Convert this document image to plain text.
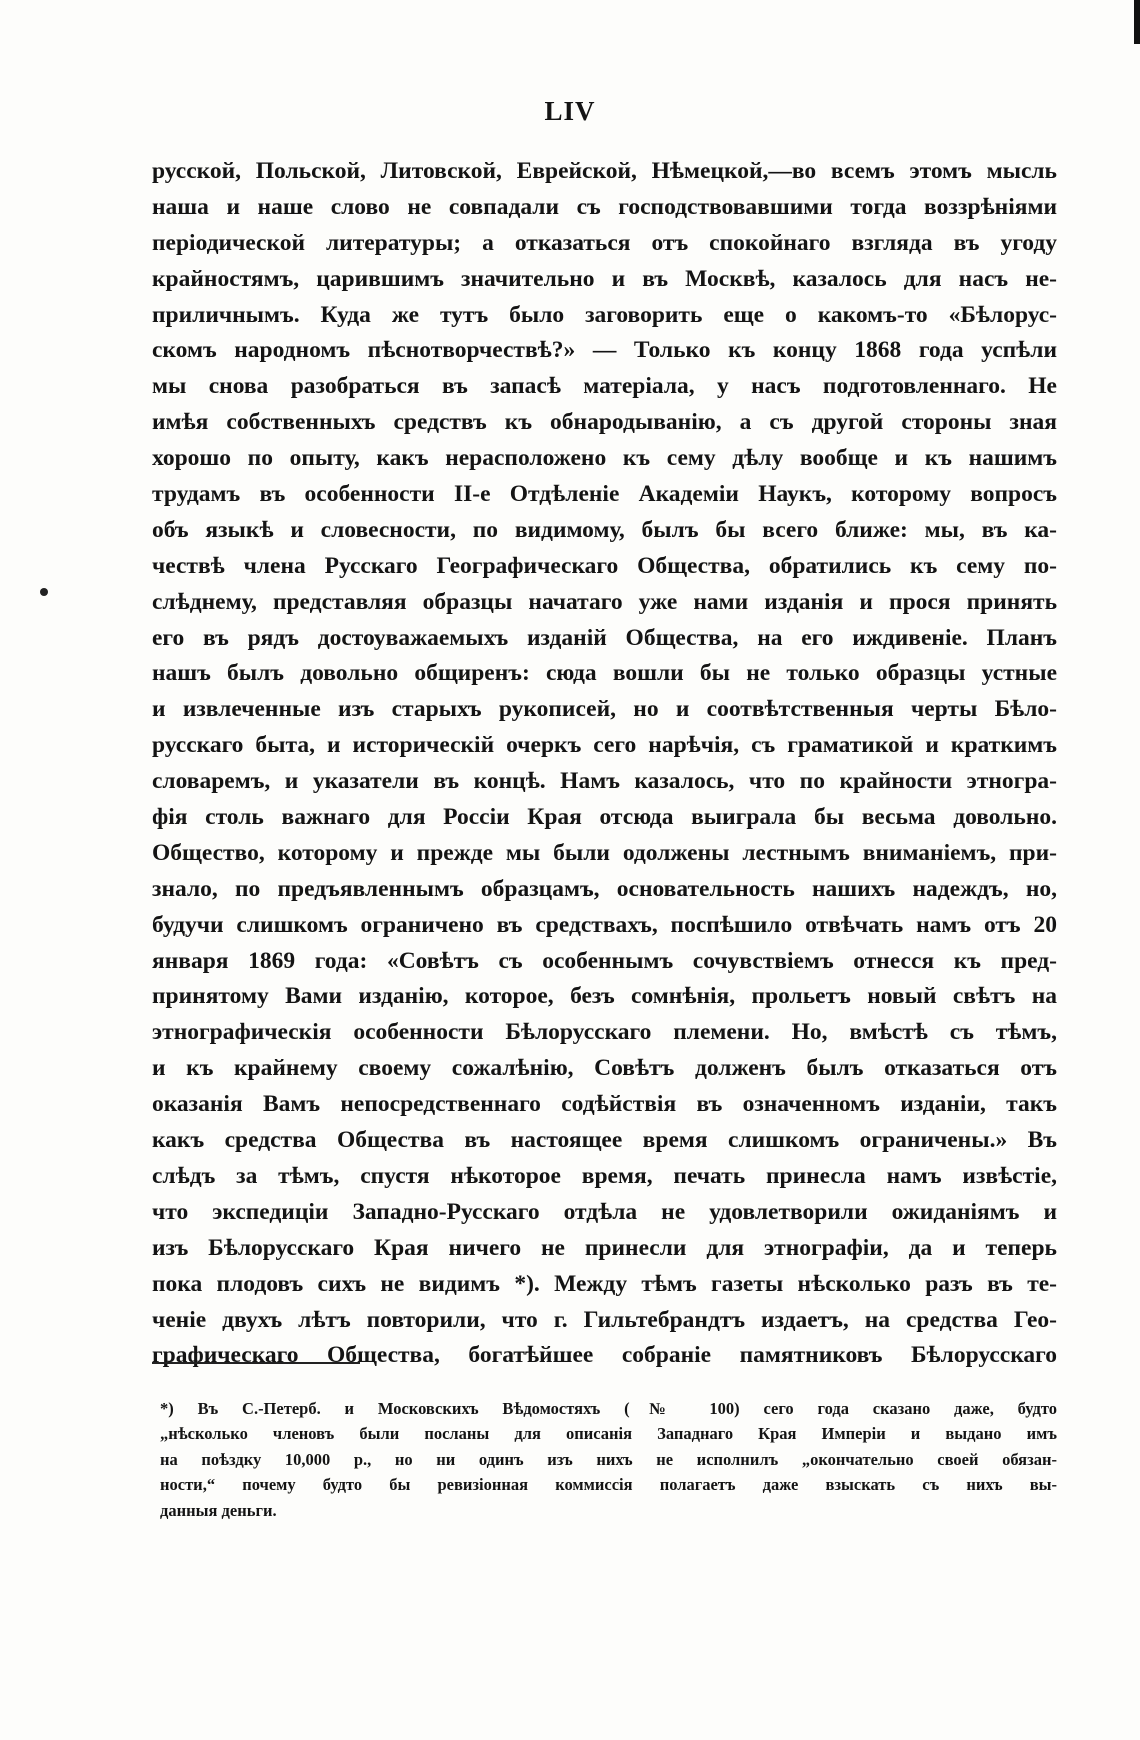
LIV
русской, Польской, Литовской, Еврейской, Нѣмецкой,—во всемъ этомъ мысль
наша и наше слово не совпадали съ господствовавшими тогда воззрѣніями
періодической литературы; а отказаться отъ спокойнаго взгляда въ угоду
крайностямъ, царившимъ значительно и въ Москвѣ, казалось для насъ не-
приличнымъ. Куда же тутъ было заговорить еще о какомъ-то «Бѣлорус-
скомъ народномъ пѣснотворчествѣ?» — Только къ концу 1868 года успѣли
мы снова разобраться въ запасѣ матеріала, у насъ подготовленнаго. Не
имѣя собственныхъ средствъ къ обнародыванію, а съ другой стороны зная
хорошо по опыту, какъ нерасположено къ сему дѣлу вообще и къ нашимъ
трудамъ въ особенности II-е Отдѣленіе Академіи Наукъ, которому вопросъ
объ языкѣ и словесности, по видимому, былъ бы всего ближе: мы, въ ка-
чествѣ члена Русскаго Географическаго Общества, обратились къ сему по-
слѣднему, представляя образцы начатаго уже нами изданія и прося принять
его въ рядъ достоуважаемыхъ изданій Общества, на его иждивеніе. Планъ
нашъ былъ довольно общиренъ: сюда вошли бы не только образцы устные
и извлеченные изъ старыхъ рукописей, но и соотвѣтственныя черты Бѣло-
русскаго быта, и историческій очеркъ сего нарѣчія, съ граматикой и краткимъ
словаремъ, и указатели въ концѣ. Намъ казалось, что по крайности этногра-
фія столь важнаго для Россіи Края отсюда выиграла бы весьма довольно.
Общество, которому и прежде мы были одолжены лестнымъ вниманіемъ, при-
знало, по предъявленнымъ образцамъ, основательность нашихъ надеждъ, но,
будучи слишкомъ ограничено въ средствахъ, поспѣшило отвѣчать намъ отъ 20
января 1869 года: «Совѣтъ съ особеннымъ сочувствіемъ отнесся къ пред-
принятому Вами изданію, которое, безъ сомнѣнія, прольетъ новый свѣтъ на
этнографическія особенности Бѣлорусскаго племени. Но, вмѣстѣ съ тѣмъ,
и къ крайнему своему сожалѣнію, Совѣтъ долженъ былъ отказаться отъ
оказанія Вамъ непосредственнаго содѣйствія въ означенномъ изданіи, такъ
какъ средства Общества въ настоящее время слишкомъ ограничены.» Въ
слѣдъ за тѣмъ, спустя нѣкоторое время, печать принесла намъ извѣстіе,
что экспедиціи Западно-Русскаго отдѣла не удовлетворили ожиданіямъ и
изъ Бѣлорусскаго Края ничего не принесли для этнографіи, да и теперь
пока плодовъ сихъ не видимъ *). Между тѣмъ газеты нѣсколько разъ въ те-
ченіе двухъ лѣтъ повторили, что г. Гильтебрандтъ издаетъ, на средства Гео-
графическаго Общества, богатѣйшее собраніе памятниковъ Бѣлорусскаго
*) Въ С.-Петерб. и Московскихъ Вѣдомостяхъ (№ 100) сего года сказано даже, будто
„нѣсколько членовъ были посланы для описанія Западнаго Края Имперіи и выдано имъ
на поѣздку 10,000 р., но ни одинъ изъ нихъ не исполнилъ „окончательно своей обязан-
ности,“ почему будто бы ревизіонная коммиссія полагаетъ даже взыскать съ нихъ вы-
данныя деньги.
